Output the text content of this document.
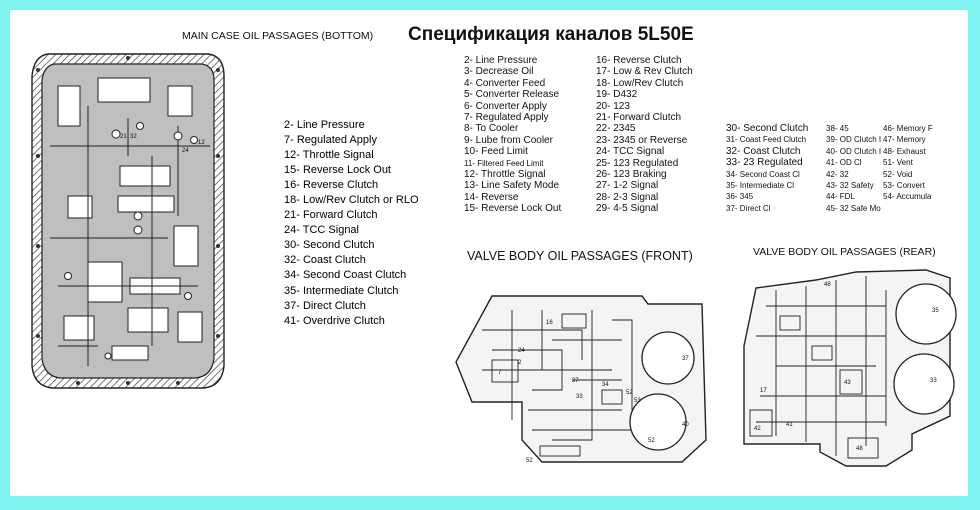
MAIN CASE OIL PASSAGES (BOTTOM) Спецификация каналов 5L50E
21 32
24
12
2- Line Pressure
7- Regulated Apply
12- Throttle Signal
15- Reverse Lock Out
16- Reverse Clutch
18- Low/Rev Clutch or RLO
21- Forward Clutch
24- TCC Signal
30- Second Clutch
32- Coast Clutch
34- Second Coast Clutch
35- Intermediate Clutch
37- Direct Clutch
41- Overdrive Clutch
2- Line Pressure
3- Decrease Oil
4- Converter Feed
5- Converter Release
6- Converter Apply
7- Regulated Apply
8- To Cooler
9- Lube from Cooler
10- Feed Limit
11- Filtered Feed Limit
12- Throttle Signal
13- Line Safety Mode
14- Reverse
15- Reverse Lock Out
16- Reverse Clutch
17- Low & Rev Clutch
18- Low/Rev Clutch
19- D432
20- 123
21- Forward Clutch
22- 2345
23- 2345 or Reverse
24- TCC Signal
25- 123 Regulated
26- 123 Braking
27- 1-2 Signal
28- 2-3 Signal
29- 4-5 Signal
30- Second Clutch
31- Coast Feed Clutch
32- Coast Clutch
33- 23 Regulated
34- Second Coast Cl
35- Intermediate Cl
36- 345
37- Direct Cl
38- 45
39- OD Clutch I
40- OD Clutch I
41- OD Cl
42- 32
43- 32 Safety
44- FDL
45- 32 Safe Mo
46- Memory F
47- Memory
48- Exhaust
51- Vent
52- Void
53- Convert
54- Accumula
VALVE BODY OIL PASSAGES (FRONT)	VALVE BODY OIL PASSAGES (REAR)
16
24
2
7
27
34
33
37
52
53
40
52
52
48
35
33
17
42
41
43
48
